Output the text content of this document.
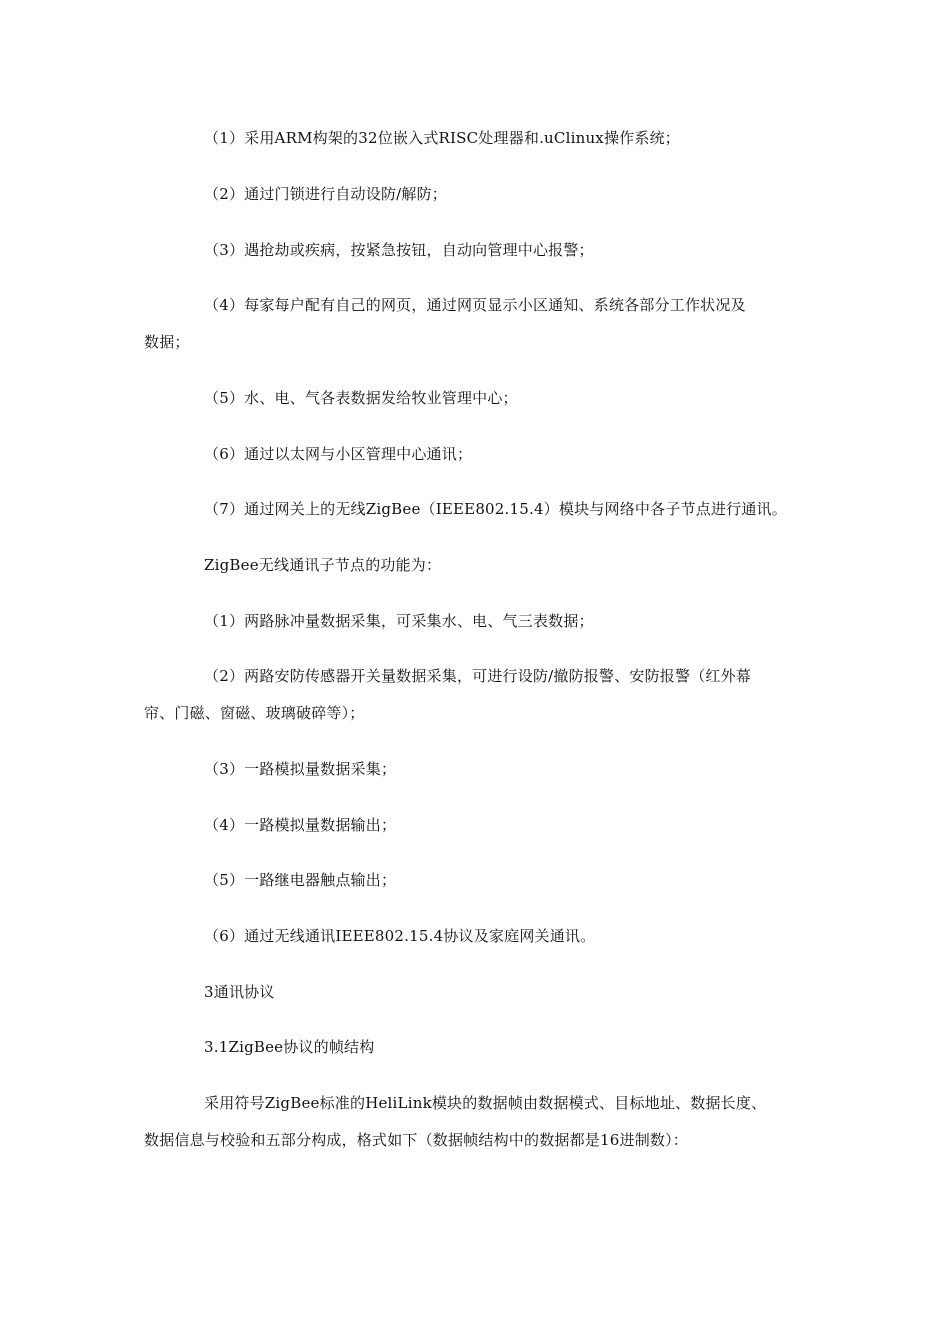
（1）采用ARM构架的32位嵌入式RISC处理器和.uClinux操作系统；
（2）通过门锁进行自动设防/解防；
（3）遇抢劫或疾病，按紧急按钮，自动向管理中心报警；
（4）每家每户配有自己的网页，通过网页显示小区通知、系统各部分工作状况及
数据；
（5）水、电、气各表数据发给牧业管理中心；
（6）通过以太网与小区管理中心通讯；
（7）通过网关上的无线ZigBee（IEEE802.15.4）模块与网络中各子节点进行通讯。
ZigBee无线通讯子节点的功能为：
（1）两路脉冲量数据采集，可采集水、电、气三表数据；
（2）两路安防传感器开关量数据采集，可进行设防/撤防报警、安防报警（红外幕
帘、门磁、窗磁、玻璃破碎等）；
（3）一路模拟量数据采集；
（4）一路模拟量数据输出；
（5）一路继电器触点输出；
（6）通过无线通讯IEEE802.15.4协议及家庭网关通讯。
3通讯协议
3.1ZigBee协议的帧结构
采用符号ZigBee标准的HeliLink模块的数据帧由数据模式、目标地址、数据长度、
数据信息与校验和五部分构成，格式如下（数据帧结构中的数据都是16进制数）：
